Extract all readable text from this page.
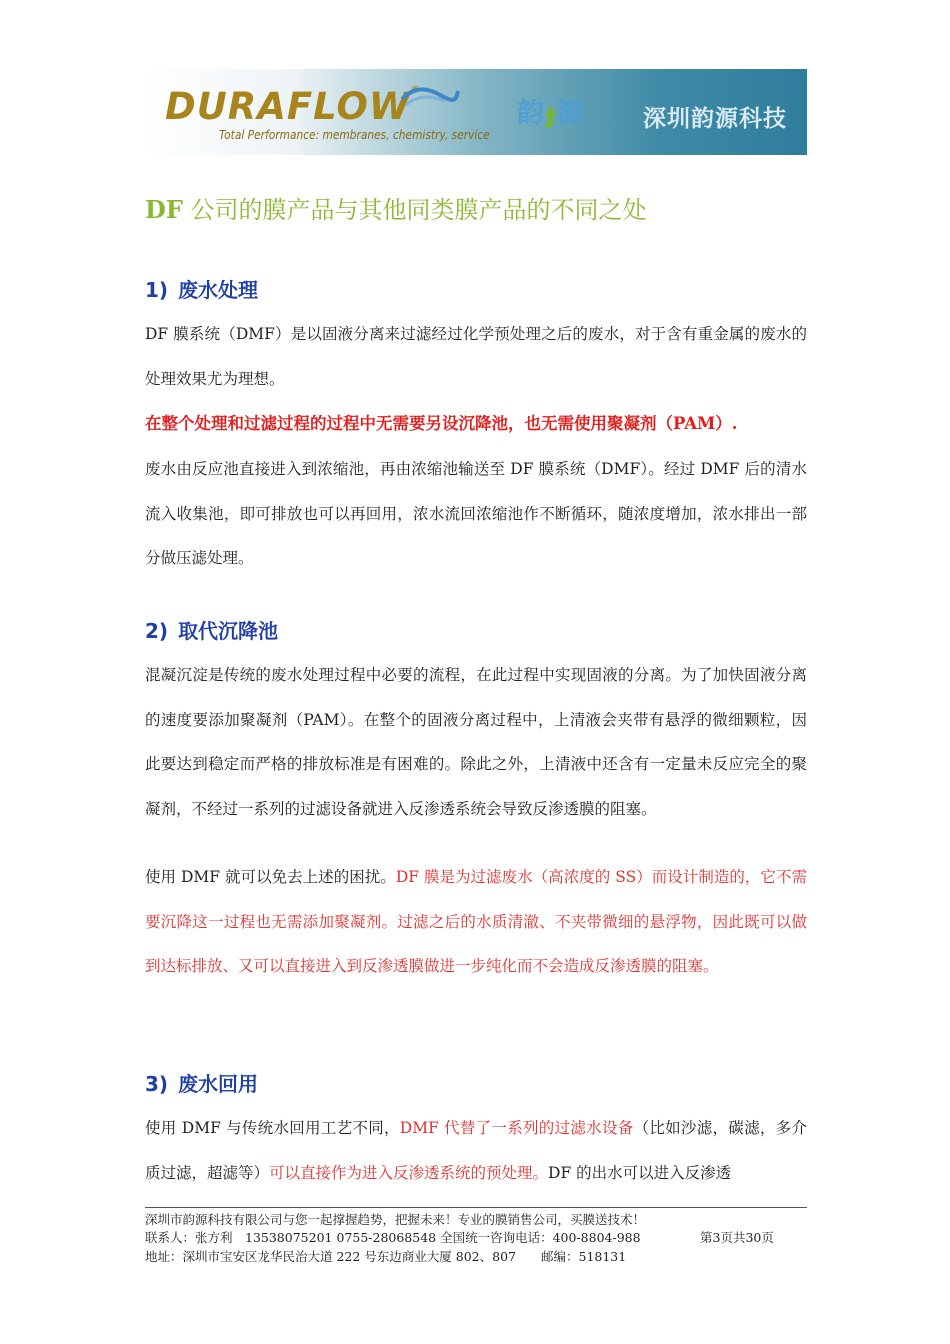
DURAFLOW®
Total Performance: membranes, chemistry, service
韵ɟ源 深圳韵源科技
DF 公司的膜产品与其他同类膜产品的不同之处
1) 废水处理

DF 膜系统（DMF）是以固液分离来过滤经过化学预处理之后的废水，对于含有重金属的废水的处理效果尤为理想。

在整个处理和过滤过程的过程中无需要另设沉降池，也无需使用聚凝剂（PAM）.

废水由反应池直接进入到浓缩池，再由浓缩池输送至 DF 膜系统（DMF）。经过 DMF 后的清水流入收集池，即可排放也可以再回用，浓水流回浓缩池作不断循环，随浓度增加，浓水排出一部分做压滤处理。

2) 取代沉降池

混凝沉淀是传统的废水处理过程中必要的流程，在此过程中实现固液的分离。为了加快固液分离的速度要添加聚凝剂（PAM）。在整个的固液分离过程中，上清液会夹带有悬浮的微细颗粒，因此要达到稳定而严格的排放标准是有困难的。除此之外，上清液中还含有一定量未反应完全的聚凝剂，不经过一系列的过滤设备就进入反渗透系统会导致反渗透膜的阻塞。

使用 DMF 就可以免去上述的困扰。DF 膜是为过滤废水（高浓度的 SS）而设计制造的，它不需要沉降这一过程也无需添加聚凝剂。过滤之后的水质清澈、不夹带微细的悬浮物，因此既可以做到达标排放、又可以直接进入到反渗透膜做进一步纯化而不会造成反渗透膜的阻塞。

3) 废水回用

使用 DMF 与传统水回用工艺不同，DMF 代替了一系列的过滤水设备（比如沙滤，碳滤，多介质过滤，超滤等）可以直接作为进入反渗透系统的预处理。DF 的出水可以进入反渗透

深圳市韵源科技有限公司与您一起撑握趋势，把握未来！专业的膜销售公司，买膜送技术！
联系人：张方利　13538075201 0755-28068548 全国统一咨询电话：400-8804-988	第3页共30页
地址：深圳市宝安区龙华民治大道 222 号东边商业大厦 802、807　　邮编：518131
